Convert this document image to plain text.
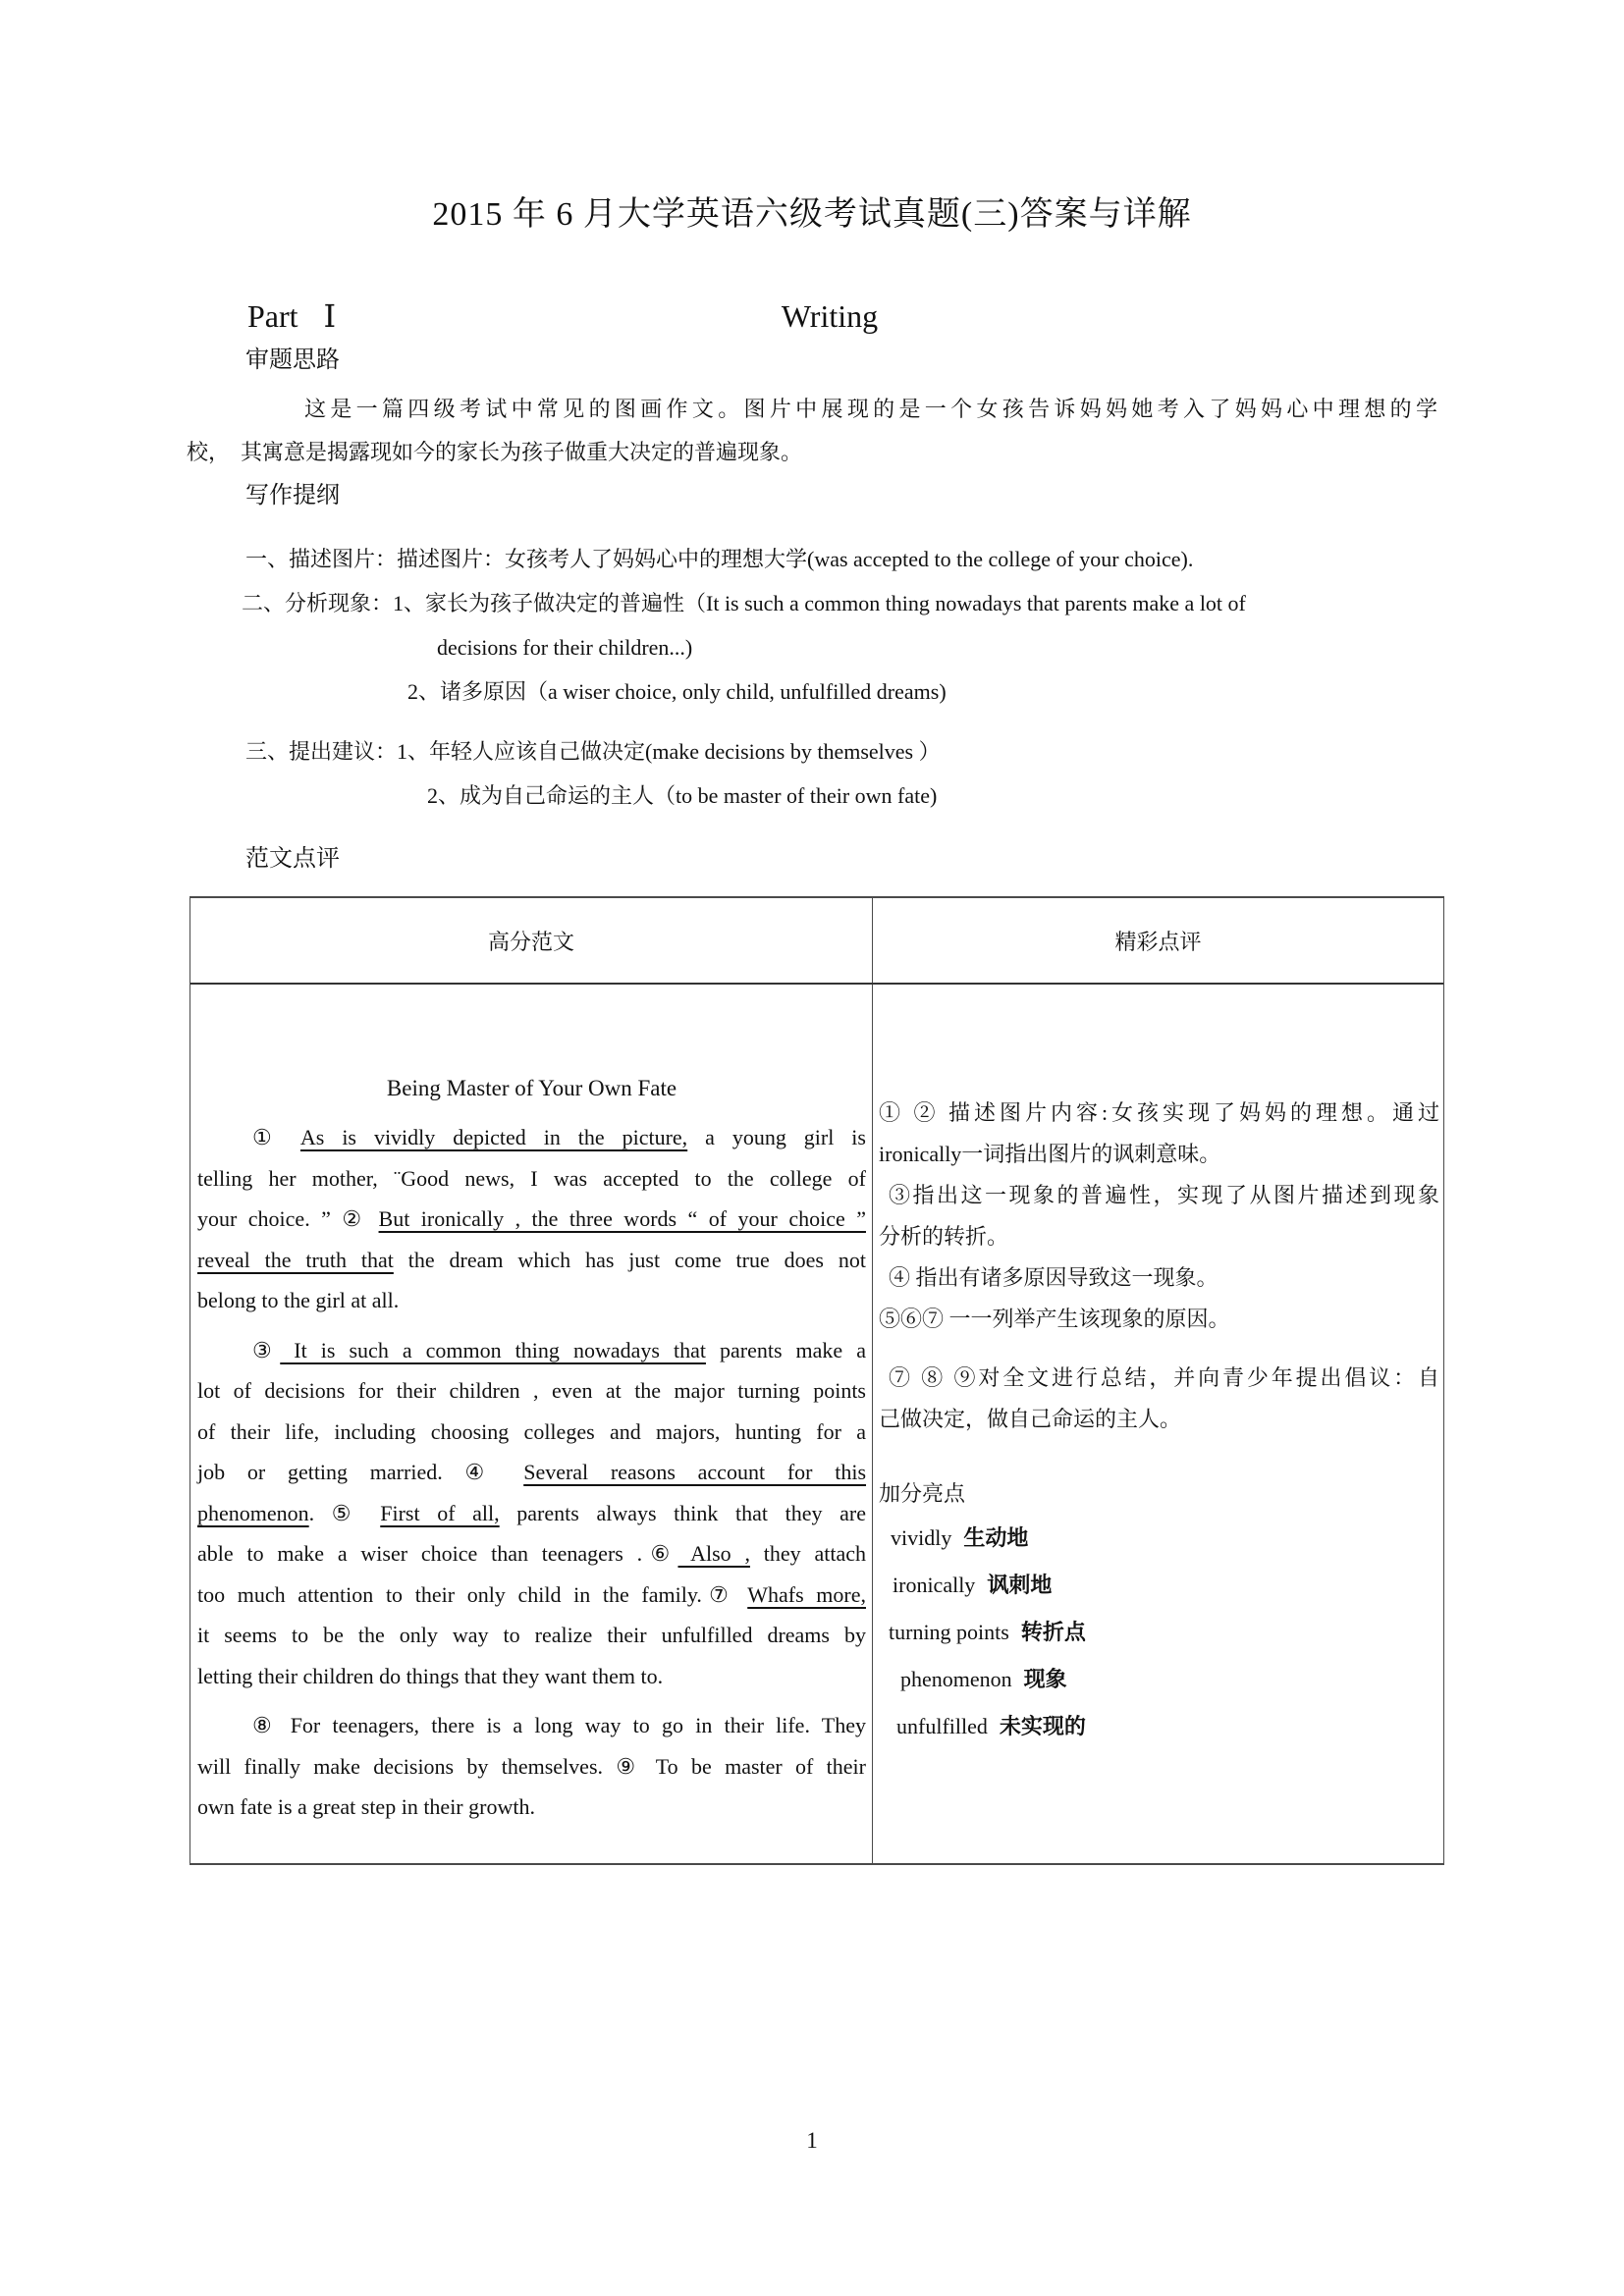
2015 年 6 月大学英语六级考试真题(三)答案与详解
Part Ⅰ	Writing
审题思路
这是一篇四级考试中常见的图画作文。图片中展现的是一个女孩告诉妈妈她考入了妈妈心中理想的学
校，　其寓意是揭露现如今的家长为孩子做重大决定的普遍现象。
写作提纲
一、描述图片：描述图片：女孩考人了妈妈心中的理想大学(was accepted to the college of your choice).
二、分析现象：1、家长为孩子做决定的普遍性（It is such a common thing nowadays that parents make a lot of
decisions for their children...)
2、诸多原因（a wiser choice, only child, unfulfilled dreams)
三、提出建议：1、年轻人应该自己做决定(make decisions by themselves ）
2、成为自己命运的主人（to be master of their own fate)
范文点评
高分范文	精彩点评
Being Master of Your Own Fate
① As is vividly depicted in the picture, a young girl is
telling her mother, ¨Good news, I was accepted to the college of
your choice. ” ② But ironically , the three words “ of your choice ”
reveal the truth that the dream which has just come true does not
belong to the girl at all.
③ It is such a common thing nowadays that parents make a
lot of decisions for their children , even at the major turning points
of their life, including choosing colleges and majors, hunting for a
job or getting married. ④ Several reasons account for this
phenomenon. ⑤ First of all, parents always think that they are
able to make a wiser choice than teenagers .⑥ Also , they attach
too much attention to their only child in the family.⑦ Whafs more,
it seems to be the only way to realize their unfulfilled dreams by
letting their children do things that they want them to.
⑧ For teenagers, there is a long way to go in their life. They
will finally make decisions by themselves. ⑨ To be master of their
own fate is a great step in their growth.
① ② 描述图片内容:女孩实现了妈妈的理想。通过
ironically一词指出图片的讽刺意味。
③指出这一现象的普遍性，实现了从图片描述到现象
分析的转折。
④ 指出有诸多原因导致这一现象。
⑤⑥⑦ 一一列举产生该现象的原因。
⑦ ⑧ ⑨对全文进行总结，并向青少年提出倡议：自
己做决定，做自己命运的主人。
加分亮点
vividly 生动地
ironically 讽刺地
turning points 转折点
phenomenon 现象
unfulfilled 未实现的
1
